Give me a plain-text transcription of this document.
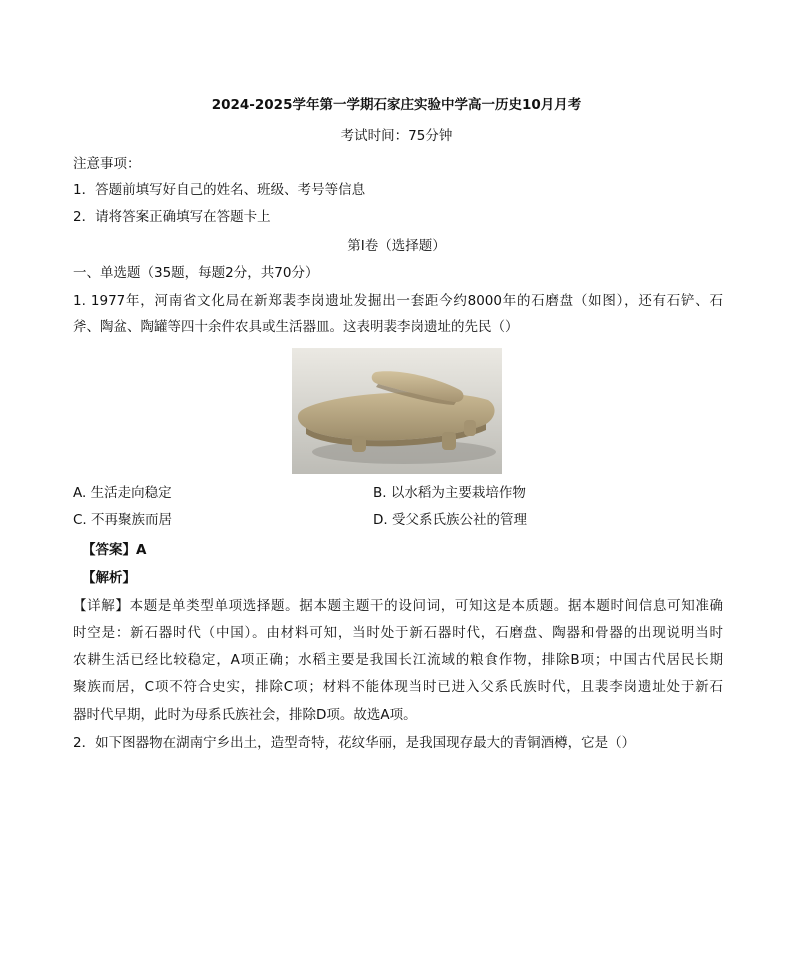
2024-2025学年第一学期石家庄实验中学高一历史10月月考
考试时间：75分钟
注意事项：
1．答题前填写好自己的姓名、班级、考号等信息
2．请将答案正确填写在答题卡上
第I卷（选择题）
一、单选题（35题，每题2分，共70分）
1. 1977年，河南省文化局在新郑裴李岗遗址发掘出一套距今约8000年的石磨盘（如图），还有石铲、石
斧、陶盆、陶罐等四十余件农具或生活器皿。这表明裴李岗遗址的先民（）
A. 生活走向稳定	B. 以水稻为主要栽培作物
C. 不再聚族而居	D. 受父系氏族公社的管理
【答案】A
【解析】
【详解】本题是单类型单项选择题。据本题主题干的设问词，可知这是本质题。据本题时间信息可知准确
时空是：新石器时代（中国）。由材料可知，当时处于新石器时代，石磨盘、陶器和骨器的出现说明当时
农耕生活已经比较稳定，A项正确；水稻主要是我国长江流域的粮食作物，排除B项；中国古代居民长期
聚族而居，C项不符合史实，排除C项；材料不能体现当时已进入父系氏族时代，且裴李岗遗址处于新石
器时代早期，此时为母系氏族社会，排除D项。故选A项。
2．如下图器物在湖南宁乡出土，造型奇特，花纹华丽，是我国现存最大的青铜酒樽，它是（）
